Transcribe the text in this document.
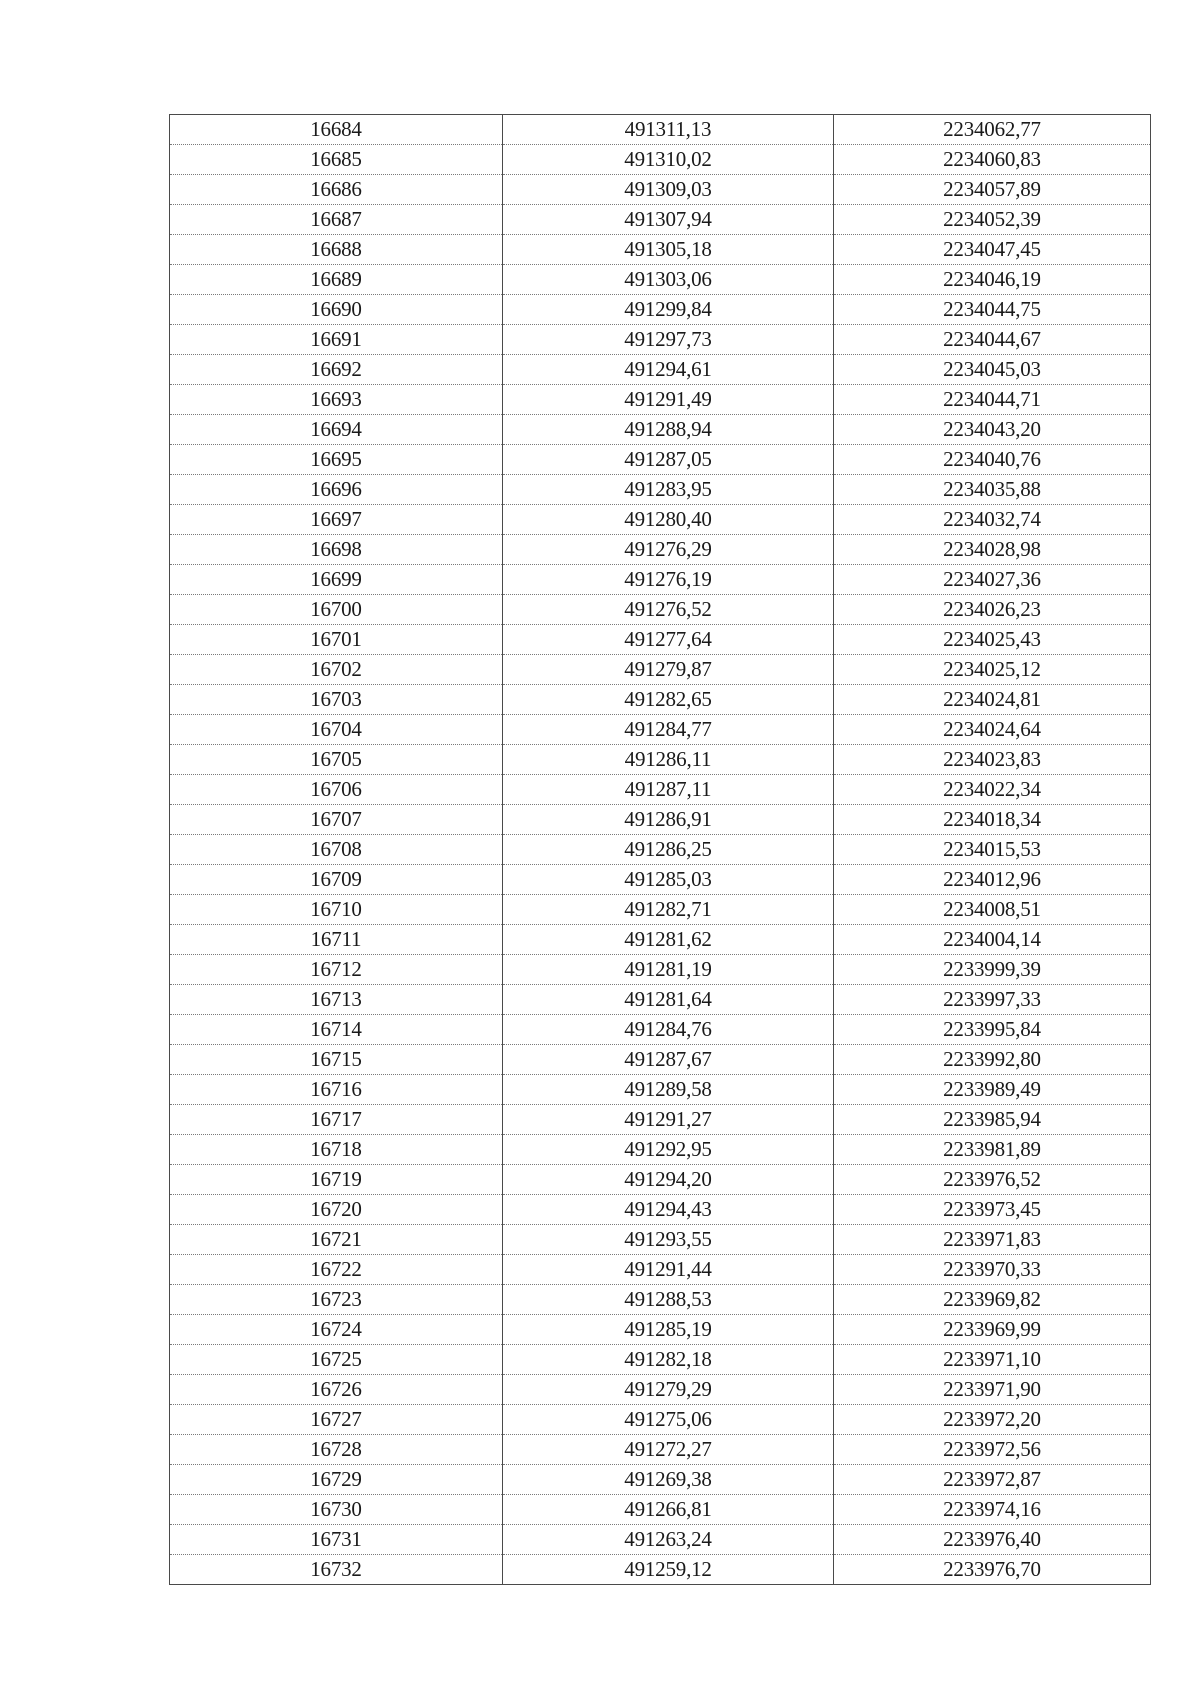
16684	491311,13	2234062,77
16685	491310,02	2234060,83
16686	491309,03	2234057,89
16687	491307,94	2234052,39
16688	491305,18	2234047,45
16689	491303,06	2234046,19
16690	491299,84	2234044,75
16691	491297,73	2234044,67
16692	491294,61	2234045,03
16693	491291,49	2234044,71
16694	491288,94	2234043,20
16695	491287,05	2234040,76
16696	491283,95	2234035,88
16697	491280,40	2234032,74
16698	491276,29	2234028,98
16699	491276,19	2234027,36
16700	491276,52	2234026,23
16701	491277,64	2234025,43
16702	491279,87	2234025,12
16703	491282,65	2234024,81
16704	491284,77	2234024,64
16705	491286,11	2234023,83
16706	491287,11	2234022,34
16707	491286,91	2234018,34
16708	491286,25	2234015,53
16709	491285,03	2234012,96
16710	491282,71	2234008,51
16711	491281,62	2234004,14
16712	491281,19	2233999,39
16713	491281,64	2233997,33
16714	491284,76	2233995,84
16715	491287,67	2233992,80
16716	491289,58	2233989,49
16717	491291,27	2233985,94
16718	491292,95	2233981,89
16719	491294,20	2233976,52
16720	491294,43	2233973,45
16721	491293,55	2233971,83
16722	491291,44	2233970,33
16723	491288,53	2233969,82
16724	491285,19	2233969,99
16725	491282,18	2233971,10
16726	491279,29	2233971,90
16727	491275,06	2233972,20
16728	491272,27	2233972,56
16729	491269,38	2233972,87
16730	491266,81	2233974,16
16731	491263,24	2233976,40
16732	491259,12	2233976,70
